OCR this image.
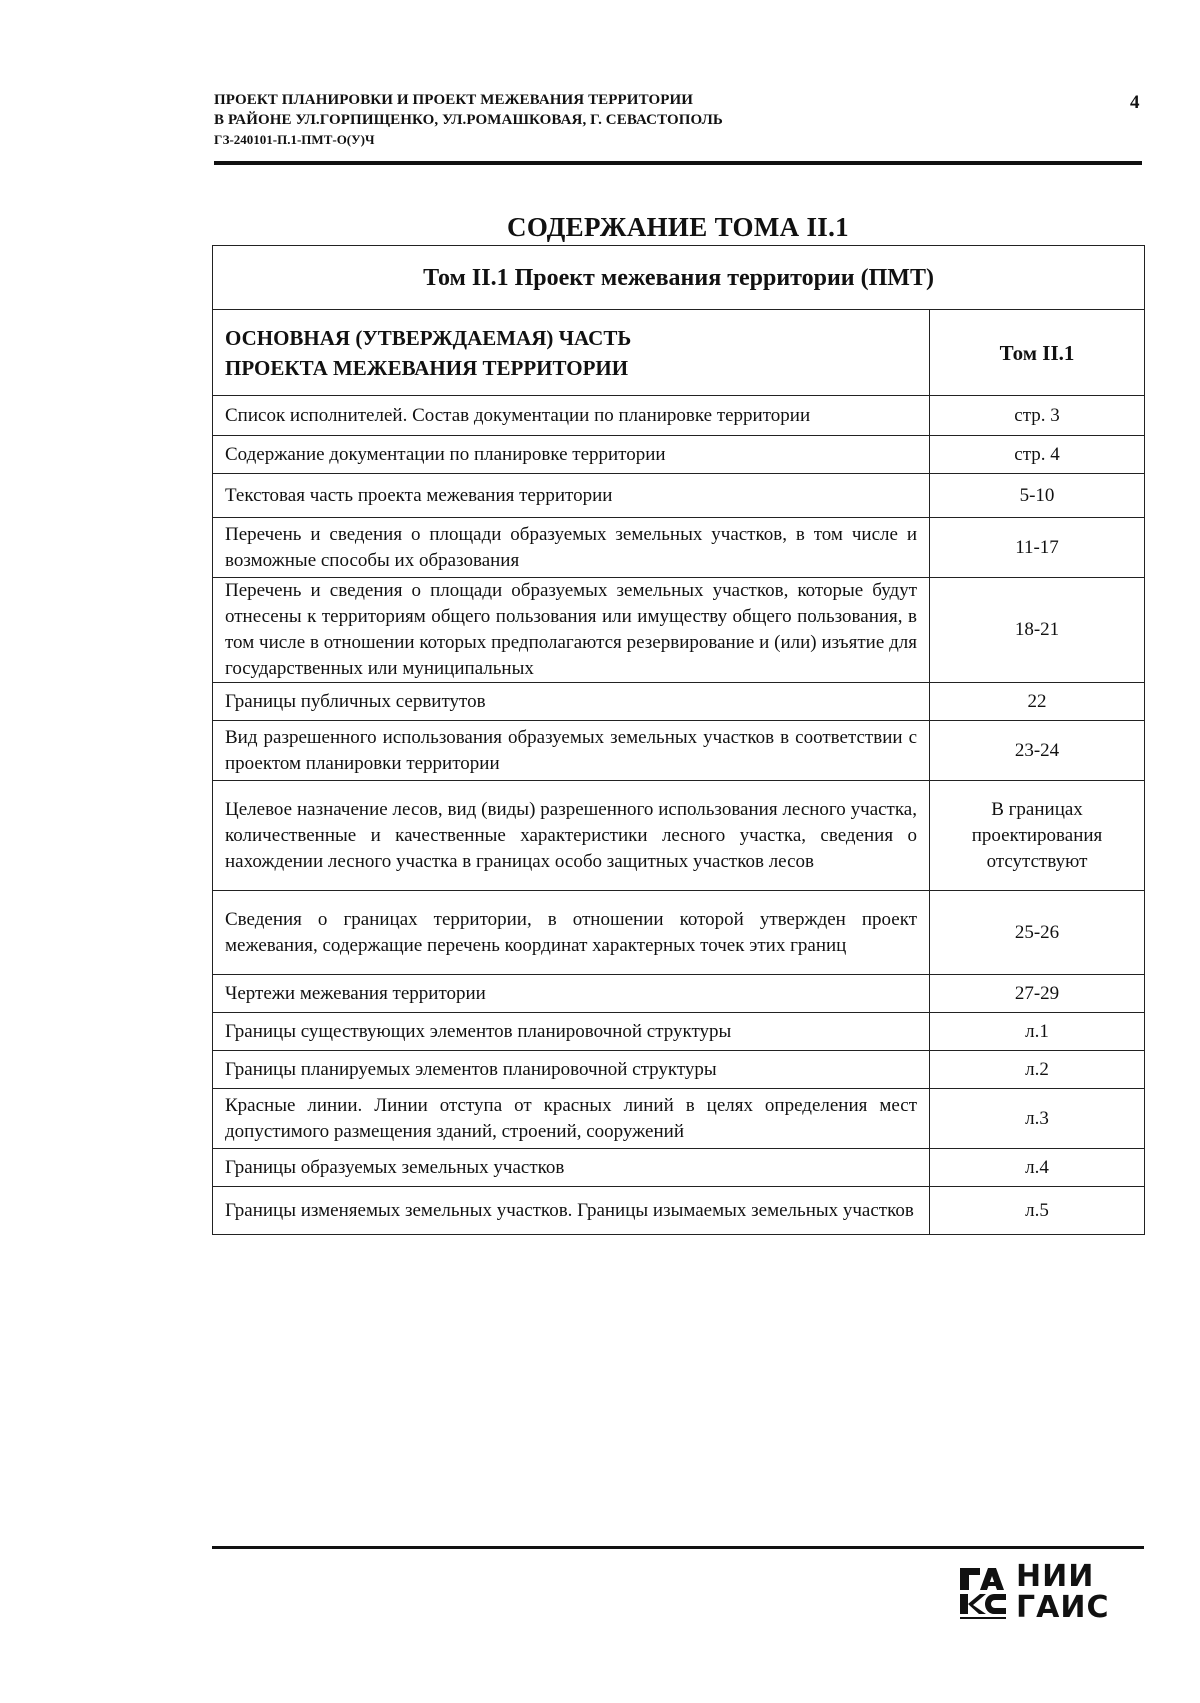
ПРОЕКТ ПЛАНИРОВКИ И ПРОЕКТ МЕЖЕВАНИЯ ТЕРРИТОРИИ
В РАЙОНЕ УЛ.ГОРПИЩЕНКО, УЛ.РОМАШКОВАЯ, Г. СЕВАСТОПОЛЬ
ГЗ-240101-П.1-ПМТ-О(У)Ч
4
СОДЕРЖАНИЕ ТОМА II.1
Том II.1 Проект межевания территории (ПМТ)	

ОСНОВНАЯ (УТВЕРЖДАЕМАЯ) ЧАСТЬ
ПРОЕКТА МЕЖЕВАНИЯ ТЕРРИТОРИИ	Том II.1
Список исполнителей. Состав документации по планировке территории	стр. 3
Содержание документации по планировке территории	стр. 4
Текстовая часть проекта межевания территории	5-10
Перечень и сведения о площади образуемых земельных участков, в том числе и возможные способы их образования	11-17
Перечень и сведения о площади образуемых земельных участков, которые будут отнесены к территориям общего пользования или имуществу общего пользования, в том числе в отношении которых предполагаются резервирование и (или) изъятие для государственных или муниципальных	18-21
Границы публичных сервитутов	22
Вид разрешенного использования образуемых земельных участков в соответствии с проектом планировки территории	23-24
Целевое назначение лесов, вид (виды) разрешенного использования лесного участка, количественные и качественные характеристики лесного участка, сведения о нахождении лесного участка в границах особо защитных участков лесов	В границах проектирования отсутствуют
Сведения о границах территории, в отношении которой утвержден проект межевания, содержащие перечень координат характерных точек этих границ	25-26
Чертежи межевания территории	27-29
Границы существующих элементов планировочной структуры	л.1
Границы планируемых элементов планировочной структуры	л.2
Красные линии. Линии отступа от красных линий в целях определения мест допустимого размещения зданий, строений, сооружений	л.3
Границы образуемых земельных участков	л.4
Границы изменяемых земельных участков. Границы изымаемых земельных участков	л.5
НИИ
ГАИС
